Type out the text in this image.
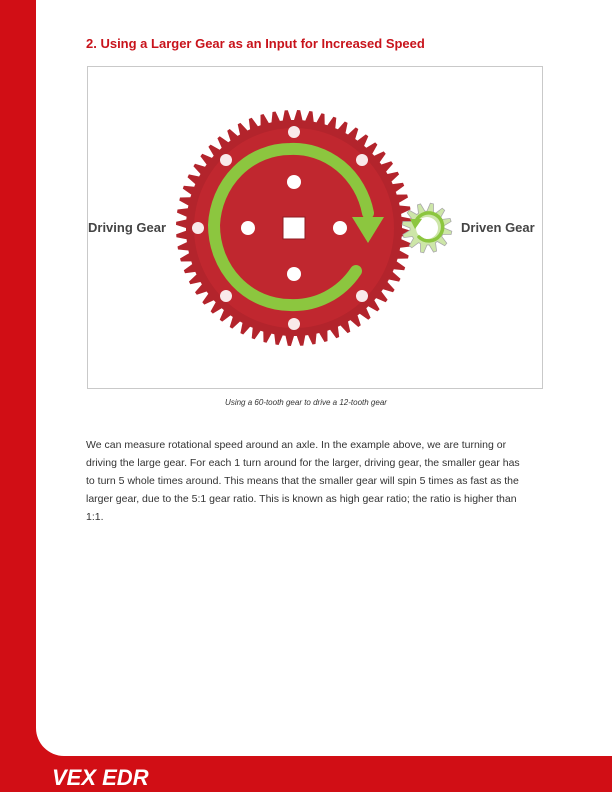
2. Using a Larger Gear as an Input for Increased Speed
Driving Gear	Driven Gear
Using a 60-tooth gear to drive a 12-tooth gear

We can measure rotational speed around an axle. In the example above, we are turning or driving the large gear. For each 1 turn around for the larger, driving gear, the smaller gear has to turn 5 whole times around. This means that the smaller gear will spin 5 times as fast as the larger gear, due to the 5:1 gear ratio. This is known as high gear ratio; the ratio is higher than 1:1.

VEX EDR
